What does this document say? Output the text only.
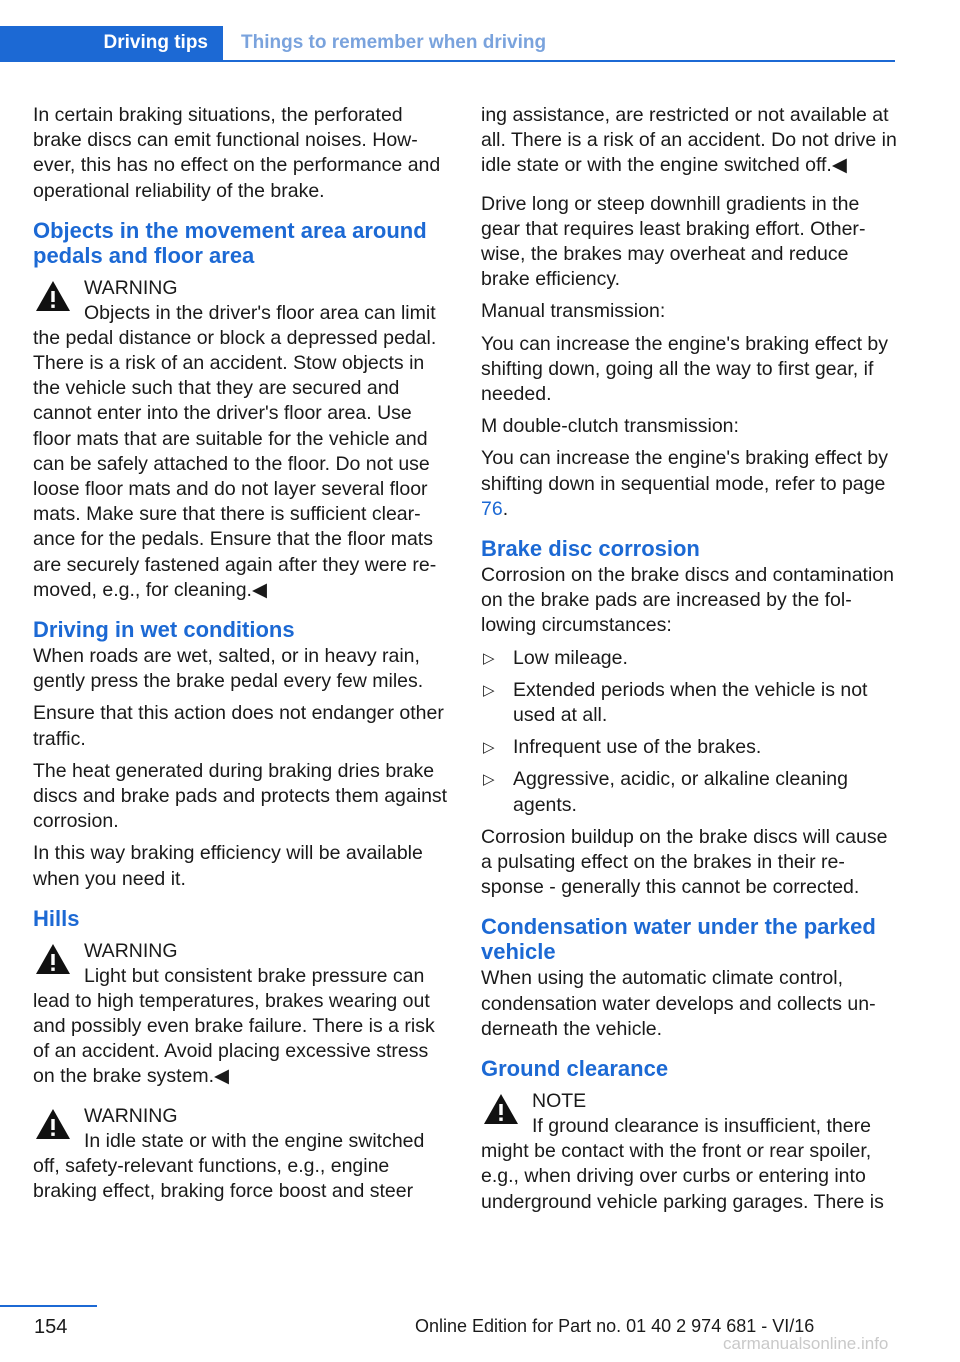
Driving tips	Things to remember when driving

In certain braking situations, the perforated brake discs can emit functional noises. However, this has no effect on the performance and operational reliability of the brake.

Objects in the movement area around pedals and floor area
WARNING
Objects in the driver's floor area can limit
the pedal distance or block a depressed pedal. There is a risk of an accident. Stow objects in the vehicle such that they are secured and cannot enter into the driver's floor area. Use floor mats that are suitable for the vehicle and can be safely attached to the floor. Do not use loose floor mats and do not layer several floor mats. Make sure that there is sufficient clearance for the pedals. Ensure that the floor mats are securely fastened again after they were removed, e.g., for cleaning.◀
Driving in wet conditions

When roads are wet, salted, or in heavy rain, gently press the brake pedal every few miles.

Ensure that this action does not endanger other traffic.

The heat generated during braking dries brake discs and brake pads and protects them against corrosion.

In this way braking efficiency will be available when you need it.

Hills
WARNING
Light but consistent brake pressure can
lead to high temperatures, brakes wearing out and possibly even brake failure. There is a risk of an accident. Avoid placing excessive stress on the brake system.◀
WARNING
In idle state or with the engine switched
off, safety-relevant functions, e.g., engine braking effect, braking force boost and steer

ing assistance, are restricted or not available at all. There is a risk of an accident. Do not drive in idle state or with the engine switched off.◀

Drive long or steep downhill gradients in the gear that requires least braking effort. Otherwise, the brakes may overheat and reduce brake efficiency.

Manual transmission:

You can increase the engine's braking effect by shifting down, going all the way to first gear, if needed.

M double-clutch transmission:

You can increase the engine's braking effect by shifting down in sequential mode, refer to page 76.

Brake disc corrosion

Corrosion on the brake discs and contamination on the brake pads are increased by the following circumstances:

▷ Low mileage.
▷ Extended periods when the vehicle is not used at all.
▷ Infrequent use of the brakes.
▷ Aggressive, acidic, or alkaline cleaning agents.

Corrosion buildup on the brake discs will cause a pulsating effect on the brakes in their response - generally this cannot be corrected.

Condensation water under the parked vehicle

When using the automatic climate control, condensation water develops and collects underneath the vehicle.

Ground clearance
NOTE
If ground clearance is insufficient, there
might be contact with the front or rear spoiler, e.g., when driving over curbs or entering into underground vehicle parking garages. There is
154	Online Edition for Part no. 01 40 2 974 681 - VI/16
carmanualsonline.info
